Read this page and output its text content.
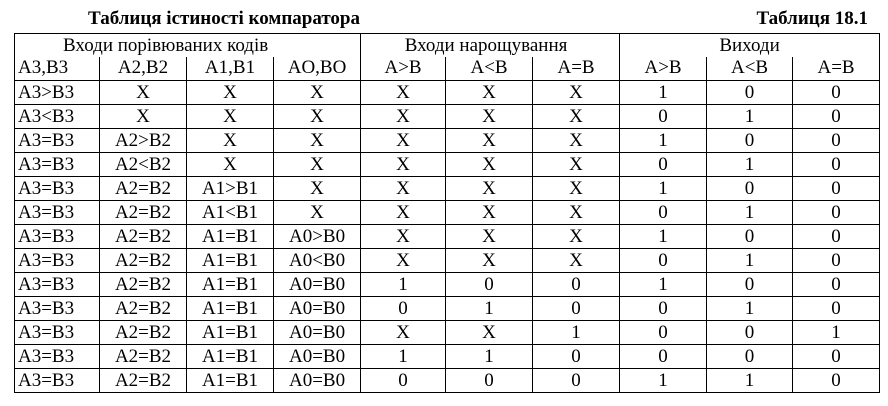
Таблиця істиності компаратора	Таблиця 18.1
Входи порівюваних кодів				Входи нарощування			Виходи		
A3,B3	A2,B2	A1,B1	AO,BO	A>B	A<B	A=B	A>B	A<B	A=B
A3>B3	X	X	X	X	X	X	1	0	0
A3<B3	X	X	X	X	X	X	0	1	0
A3=B3	A2>B2	X	X	X	X	X	1	0	0
A3=B3	A2<B2	X	X	X	X	X	0	1	0
A3=B3	A2=B2	A1>B1	X	X	X	X	1	0	0
A3=B3	A2=B2	A1<B1	X	X	X	X	0	1	0
A3=B3	A2=B2	A1=B1	A0>B0	X	X	X	1	0	0
A3=B3	A2=B2	A1=B1	A0<B0	X	X	X	0	1	0
A3=B3	A2=B2	A1=B1	A0=B0	1	0	0	1	0	0
A3=B3	A2=B2	A1=B1	A0=B0	0	1	0	0	1	0
A3=B3	A2=B2	A1=B1	A0=B0	X	X	1	0	0	1
A3=B3	A2=B2	A1=B1	A0=B0	1	1	0	0	0	0
A3=B3	A2=B2	A1=B1	A0=B0	0	0	0	1	1	0
